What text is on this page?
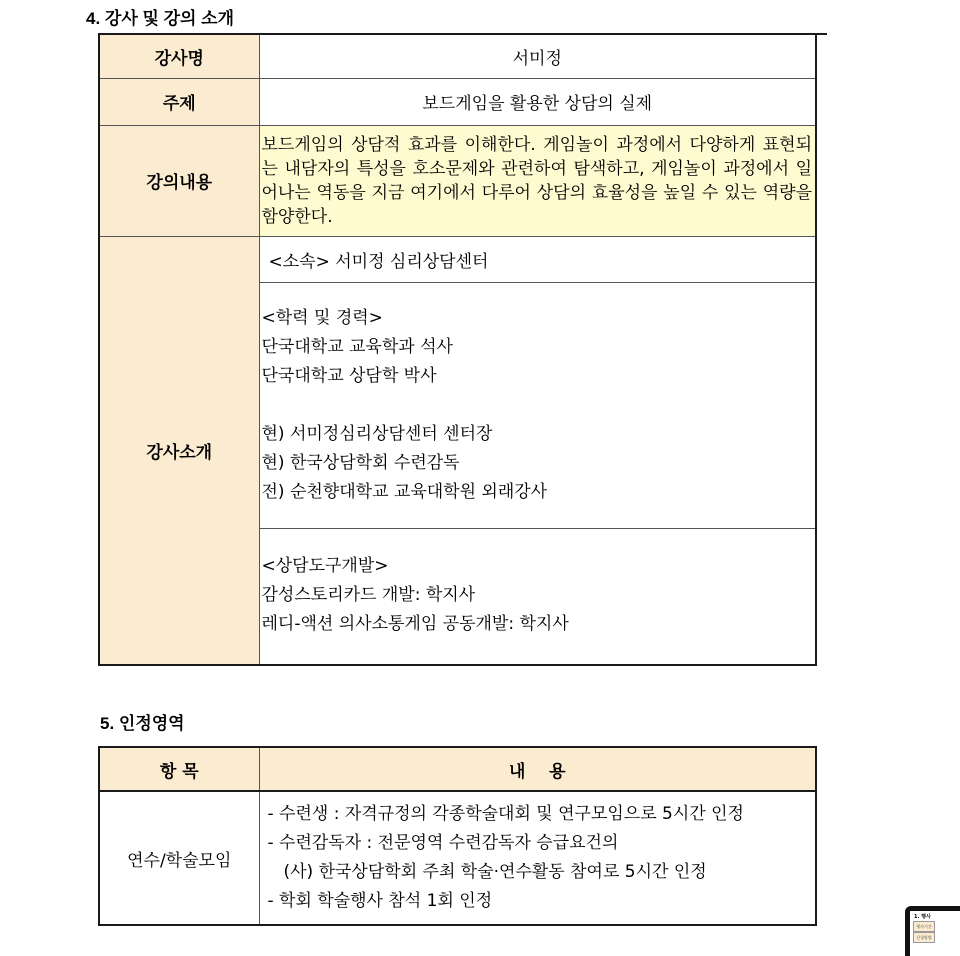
4. 강사 및 강의 소개
강사명	서미정
주제	보드게임을 활용한 상담의 실제
강의내용	보드게임의 상담적 효과를 이해한다. 게임놀이 과정에서 다양하게 표현되는 내담자의 특성을 호소문제와 관련하여 탐색하고, 게임놀이 과정에서 일어나는 역동을 지금 여기에서 다루어 상담의 효율성을 높일 수 있는 역량을 함양한다.
강사소개	<소속> 서미정 심리상담센터

<학력 및 경력>
단국대학교 교육학과 석사
단국대학교 상담학 박사
현) 서미정심리상담센터 센터장
현) 한국상담학회 수련감독
전) 순천향대학교 교육대학원 외래강사

	<상담도구개발>
감성스토리카드 개발: 학지사
레디-액션 의사소통게임 공동개발: 학지사
5. 인정영역
항 목	내    용
연수/학술모임	- 수련생 : 자격규정의 각종학술대회 및 연구모임으로 5시간 인정
- 수련감독자 : 전문영역 수련감독자 승급요건의
(사) 한국상담학회 주최 학술·연수활동 참여로 5시간 인정
- 학회 학술행사 참석 1회 인정
1. 행사
행사기간
신청방법
